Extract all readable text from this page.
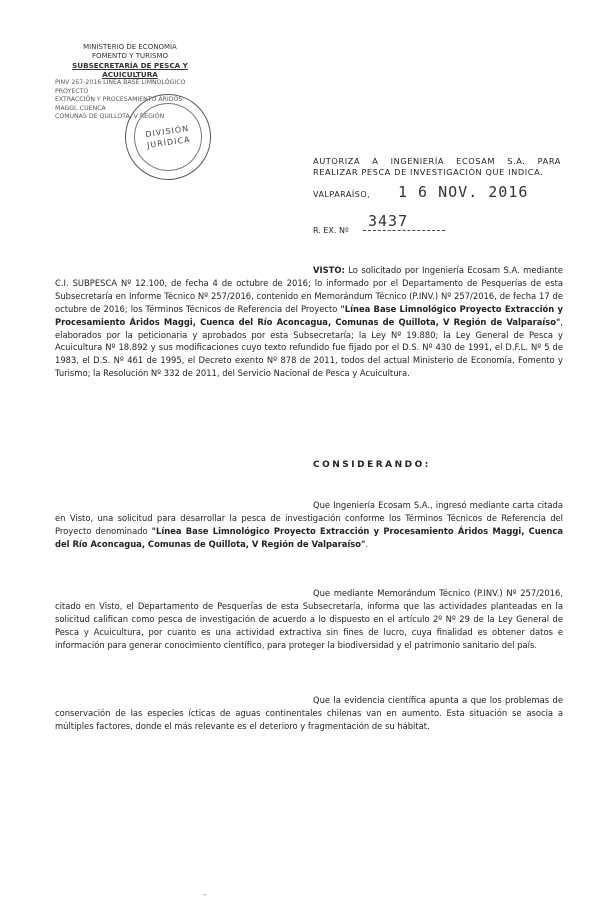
MINISTERIO DE ECONOMÍA
FOMENTO Y TURISMO
SUBSECRETARÍA DE PESCA Y ACUICULTURA
PINV 257-2016 LÍNEA BASE LIMNOLÓGICO PROYECTO
EXTRACCIÓN Y PROCESAMIENTO ÁRIDOS MAGGI, CUENCA
COMUNAS DE QUILLOTA, V REGIÓN
DIVISIÓN
JURÍDICA
AUTORIZA A INGENIERÍA ECOSAM S.A. PARA REALIZAR PESCA DE INVESTIGACIÓN QUE INDICA.
VALPARAÍSO, 1 6 NOV. 2016
R. EX. Nº
3437
VISTO: Lo solicitado por Ingeniería Ecosam S.A. mediante C.I. SUBPESCA Nº 12.100, de fecha 4 de octubre de 2016; lo informado por el Departamento de Pesquerías de esta Subsecretaría en Informe Técnico Nº 257/2016, contenido en Memorándum Técnico (P.INV.) Nº 257/2016, de fecha 17 de octubre de 2016; los Términos Técnicos de Referencia del Proyecto "Línea Base Limnológico Proyecto Extracción y Procesamiento Áridos Maggi, Cuenca del Río Aconcagua, Comunas de Quillota, V Región de Valparaíso", elaborados por la peticionaria y aprobados por esta Subsecretaría; la Ley Nº 19.880; la Ley General de Pesca y Acuicultura Nº 18.892 y sus modificaciones cuyo texto refundido fue fijado por el D.S. Nº 430 de 1991, el D.F.L. Nº 5 de 1983, el D.S. Nº 461 de 1995, el Decreto exento Nº 878 de 2011, todos del actual Ministerio de Economía, Fomento y Turismo; la Resolución Nº 332 de 2011, del Servicio Nacional de Pesca y Acuicultura.
CONSIDERANDO:
Que Ingeniería Ecosam S.A., ingresó mediante carta citada en Visto, una solicitud para desarrollar la pesca de investigación conforme los Términos Técnicos de Referencia del Proyecto denominado "Línea Base Limnológico Proyecto Extracción y Procesamiento Áridos Maggi, Cuenca del Río Aconcagua, Comunas de Quillota, V Región de Valparaíso".
Que mediante Memorándum Técnico (P.INV.) Nº 257/2016, citado en Visto, el Departamento de Pesquerías de esta Subsecretaría, informa que las actividades planteadas en la solicitud califican como pesca de investigación de acuerdo a lo dispuesto en el artículo 2º Nº 29 de la Ley General de Pesca y Acuicultura, por cuanto es una actividad extractiva sin fines de lucro, cuya finalidad es obtener datos e información para generar conocimiento científico, para proteger la biodiversidad y el patrimonio sanitario del país.
Que la evidencia científica apunta a que los problemas de conservación de las especies ícticas de aguas continentales chilenas van en aumento. Esta situación se asocia a múltiples factores, donde el más relevante es el deterioro y fragmentación de su hábitat.
-
